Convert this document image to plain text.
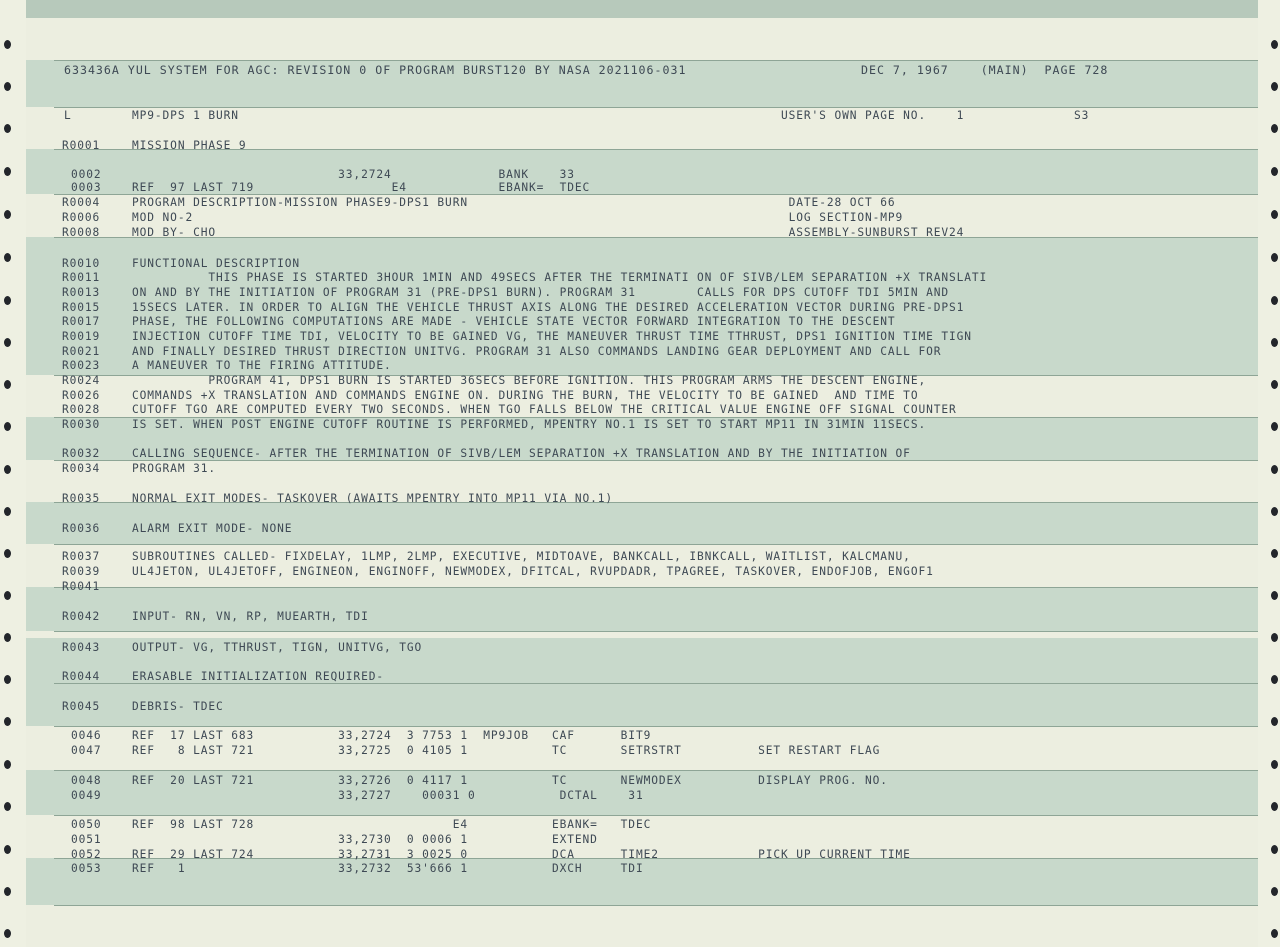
633436A YUL SYSTEM FOR AGC: REVISION 0 OF PROGRAM BURST120 BY NASA 2021106-031	DEC 7, 1967    (MAIN)  PAGE 728
L	MP9-DPS 1 BURN	USER'S OWN PAGE NO.    1	S3
R0001	MISSION PHASE 9
0002	33,2724              BANK    33
0003	REF  97 LAST 719                  E4            EBANK=  TDEC
R0004	PROGRAM DESCRIPTION-MISSION PHASE9-DPS1 BURN                                          DATE-28 OCT 66
R0006	MOD NO-2                                                                              LOG SECTION-MP9
R0008	MOD BY- CHO                                                                           ASSEMBLY-SUNBURST REV24
R0010	FUNCTIONAL DESCRIPTION
R0011	THIS PHASE IS STARTED 3HOUR 1MIN AND 49SECS AFTER THE TERMINATI ON OF SIVB/LEM SEPARATION +X TRANSLATI
R0013	ON AND BY THE INITIATION OF PROGRAM 31 (PRE-DPS1 BURN). PROGRAM 31        CALLS FOR DPS CUTOFF TDI 5MIN AND
R0015	15SECS LATER. IN ORDER TO ALIGN THE VEHICLE THRUST AXIS ALONG THE DESIRED ACCELERATION VECTOR DURING PRE-DPS1
R0017	PHASE, THE FOLLOWING COMPUTATIONS ARE MADE - VEHICLE STATE VECTOR FORWARD INTEGRATION TO THE DESCENT
R0019	INJECTION CUTOFF TIME TDI, VELOCITY TO BE GAINED VG, THE MANEUVER THRUST TIME TTHRUST, DPS1 IGNITION TIME TIGN
R0021	AND FINALLY DESIRED THRUST DIRECTION UNITVG. PROGRAM 31 ALSO COMMANDS LANDING GEAR DEPLOYMENT AND CALL FOR
R0023	A MANEUVER TO THE FIRING ATTITUDE.
R0024	PROGRAM 41, DPS1 BURN IS STARTED 36SECS BEFORE IGNITION. THIS PROGRAM ARMS THE DESCENT ENGINE,
R0026	COMMANDS +X TRANSLATION AND COMMANDS ENGINE ON. DURING THE BURN, THE VELOCITY TO BE GAINED  AND TIME TO
R0028	CUTOFF TGO ARE COMPUTED EVERY TWO SECONDS. WHEN TGO FALLS BELOW THE CRITICAL VALUE ENGINE OFF SIGNAL COUNTER
R0030	IS SET. WHEN POST ENGINE CUTOFF ROUTINE IS PERFORMED, MPENTRY NO.1 IS SET TO START MP11 IN 31MIN 11SECS.
R0032	CALLING SEQUENCE- AFTER THE TERMINATION OF SIVB/LEM SEPARATION +X TRANSLATION AND BY THE INITIATION OF
R0034	PROGRAM 31.
R0035	NORMAL EXIT MODES- TASKOVER (AWAITS MPENTRY INTO MP11 VIA NO.1)
R0036	ALARM EXIT MODE- NONE
R0037	SUBROUTINES CALLED- FIXDELAY, 1LMP, 2LMP, EXECUTIVE, MIDTOAVE, BANKCALL, IBNKCALL, WAITLIST, KALCMANU,
R0039	UL4JETON, UL4JETOFF, ENGINEON, ENGINOFF, NEWMODEX, DFITCAL, RVUPDADR, TPAGREE, TASKOVER, ENDOFJOB, ENGOF1
R0041
R0042	INPUT- RN, VN, RP, MUEARTH, TDI
R0043	OUTPUT- VG, TTHRUST, TIGN, UNITVG, TGO
R0044	ERASABLE INITIALIZATION REQUIRED-
R0045	DEBRIS- TDEC
0046	REF  17 LAST 683           33,2724  3 7753 1  MP9JOB   CAF      BIT9
0047	REF   8 LAST 721           33,2725  0 4105 1           TC       SETRSTRT          SET RESTART FLAG
0048	REF  20 LAST 721           33,2726  0 4117 1           TC       NEWMODEX          DISPLAY PROG. NO.
0049	33,2727    00031 0           DCTAL    31
0050	REF  98 LAST 728                          E4           EBANK=   TDEC
0051	33,2730  0 0006 1           EXTEND
0052	REF  29 LAST 724           33,2731  3 0025 0           DCA      TIME2             PICK UP CURRENT TIME
0053	REF   1                    33,2732  53'666 1           DXCH     TDI
